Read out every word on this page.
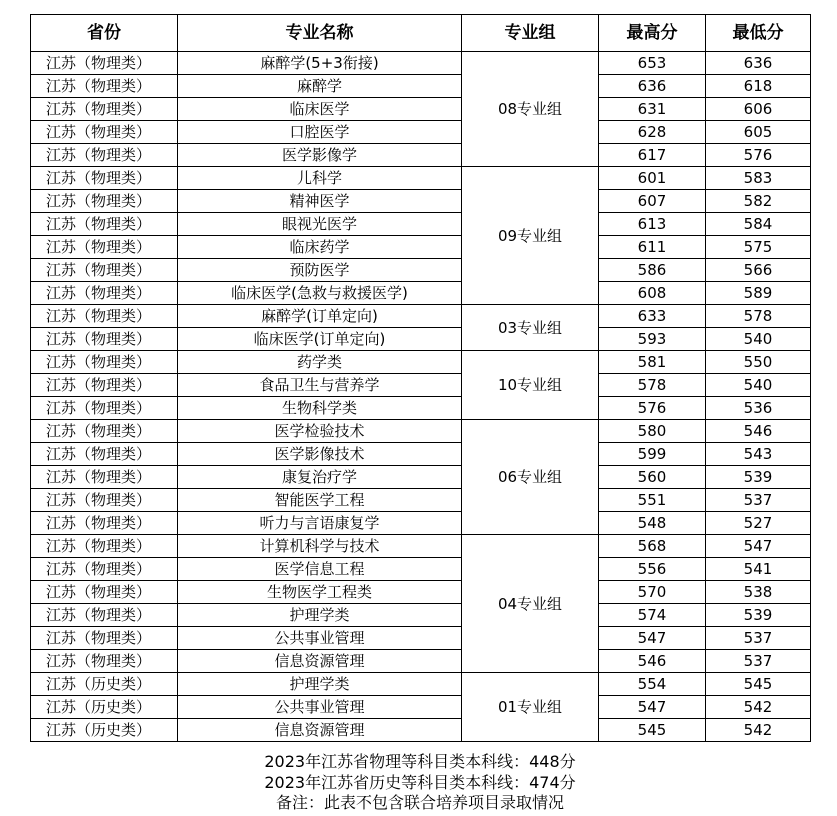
省份	专业名称	专业组	最高分	最低分
江苏（物理类）	麻醉学(5+3衔接)	08专业组	653	636
江苏（物理类）	麻醉学		636	618
江苏（物理类）	临床医学		631	606
江苏（物理类）	口腔医学		628	605
江苏（物理类）	医学影像学		617	576
江苏（物理类）	儿科学	09专业组	601	583
江苏（物理类）	精神医学		607	582
江苏（物理类）	眼视光医学		613	584
江苏（物理类）	临床药学		611	575
江苏（物理类）	预防医学		586	566
江苏（物理类）	临床医学(急救与救援医学)		608	589
江苏（物理类）	麻醉学(订单定向)	03专业组	633	578
江苏（物理类）	临床医学(订单定向)		593	540
江苏（物理类）	药学类	10专业组	581	550
江苏（物理类）	食品卫生与营养学		578	540
江苏（物理类）	生物科学类		576	536
江苏（物理类）	医学检验技术	06专业组	580	546
江苏（物理类）	医学影像技术		599	543
江苏（物理类）	康复治疗学		560	539
江苏（物理类）	智能医学工程		551	537
江苏（物理类）	听力与言语康复学		548	527
江苏（物理类）	计算机科学与技术	04专业组	568	547
江苏（物理类）	医学信息工程		556	541
江苏（物理类）	生物医学工程类		570	538
江苏（物理类）	护理学类		574	539
江苏（物理类）	公共事业管理		547	537
江苏（物理类）	信息资源管理		546	537
江苏（历史类）	护理学类	01专业组	554	545
江苏（历史类）	公共事业管理		547	542
江苏（历史类）	信息资源管理		545	542
2023年江苏省物理等科目类本科线：448分
2023年江苏省历史等科目类本科线：474分
备注：此表不包含联合培养项目录取情况
